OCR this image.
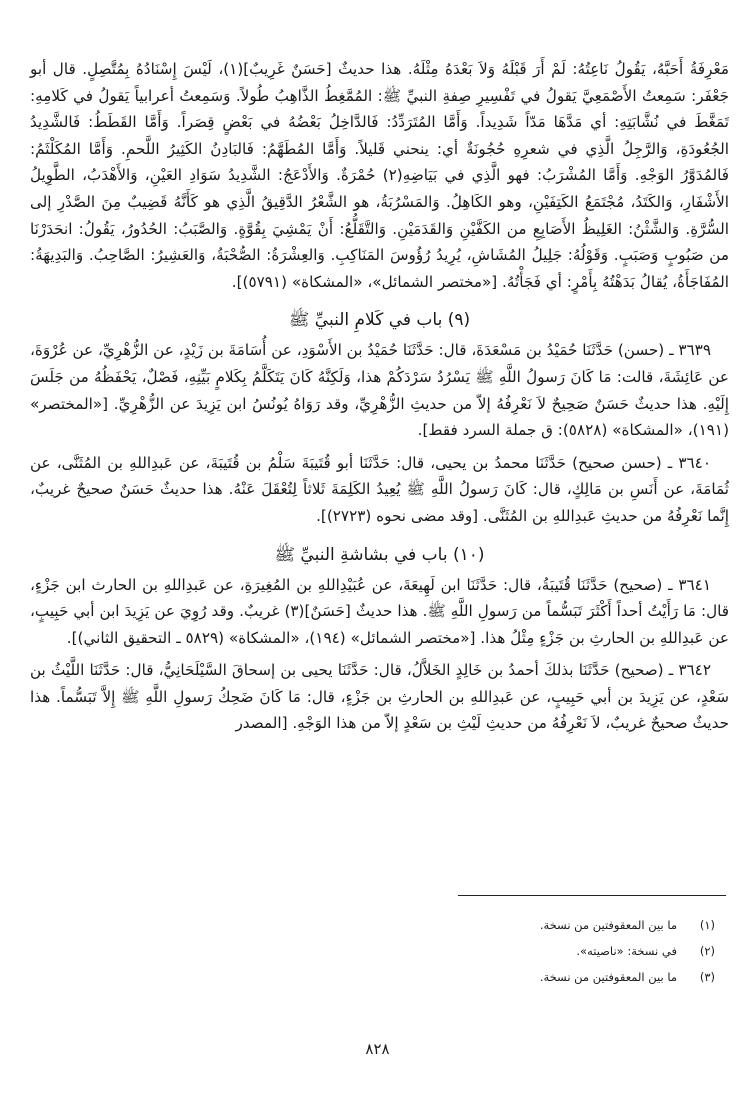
مَعْرِفَةُ أَحَبَّهُ، يَقُولُ نَاعِتُهُ: لَمْ أَرَ قَبْلَهُ وَلاَ بَعْدَهُ مِثْلَهُ. هذا حديثٌ [حَسَنٌ غَرِيبٌ](١)، لَيْسَ إِسْنَادُهُ بِمُتَّصِلٍ. قال أبو جَعْفَر: سَمِعتُ الأَصْمَعِيَّ يَقولُ في تَفْسِيرِ صِفةِ النبيِّ ﷺ: المُمَّغِطُ الذَّاهِبُ طُولاً. وَسَمِعتُ أعرابياً يَقولُ في كَلامِهِ: تَمَغَّطَ في نُشَّابَتِهِ: أي مَدَّهَا مَدّاً شَدِيداً. وَأَمَّا المُتَرَدِّدُ: فَالدَّاخِلُ بَعْضُهُ في بَعْضٍ قِصَراً. وَأَمَّا القَطَطُ: فَالشَّدِيدُ الجُعُودَةِ، وَالرَّجِلُ الَّذِي في شعرِهِ حُجُونَةٌ أي: ينحني قَليلاً. وَأَمَّا المُطَهَّمُ: فَالبَادِنُ الكَثِيرُ اللَّحمِ. وَأَمَّا المُكَلْثَمُ: فَالمُدَوَّرُ الوَجْهِ. وَأَمَّا المُشْرَبُ: فهو الَّذِي في بَيَاضِهِ(٢) حُمْرَةٌ. وَالأَدْعَجُ: الشَّدِيدُ سَوَادِ العَيْنِ، وَالأَهْدَبُ، الطَّوِيلُ الأَشْفَارِ، وَالكَتَدُ، مُجْتَمَعُ الكَتِفَيْنِ، وهو الكَاهِلُ. وَالمَسْرُبَةُ، هو الشَّعْرُ الدَّقِيقُ الَّذِي هو كَأَنَّهُ قَضِيبٌ مِنَ الصَّدْرِ إلى السُّرَّةِ. وَالشَّثْنُ: الغَلِيظُ الأَصَابِعِ من الكَفَّيْنِ وَالقَدَمَيْنِ. وَالتَّقَلُّعُ: أَنْ يَمْشِيَ بِقُوَّةٍ. وَالصَّبَبُ: الحُدُورُ، يَقُولُ: انحَدَرْنَا من صَبُوبٍ وَصَبَبٍ. وَقَوْلُهُ: جَلِيلُ المُشَاشِ، يُرِيدُ رُؤُوسَ المَنَاكِبِ. وَالعِشْرَةُ: الصُّحْبَةُ، وَالعَشِيرُ: الصَّاحِبُ. وَالبَدِيهَةُ: المُفَاجَأَةُ، يُقالُ بَدَهْتُهُ بِأَمْرٍ: أي فَجَأْتُهُ. [«مختصر الشمائل»، «المشكاة» (٥٧٩١)].

(٩) باب في كَلامِ النبيِّ ﷺ

٣٦٣٩ ـ (حسن) حَدَّثَنَا حُمَيْدُ بن مَسْعَدَةَ، قال: حَدَّثَنَا حُمَيْدُ بن الأَسْوَدِ، عن أُسَامَةَ بن زَيْدٍ، عن الزُّهْرِيِّ، عن عُرْوَةَ، عن عَائِشَةَ، قالت: مَا كَانَ رَسولُ اللَّهِ ﷺ يَسْرُدُ سَرْدَكُمْ هذا، وَلَكِنَّهُ كَانَ يَتَكَلَّمُ بِكَلامٍ بَيِّنِهِ، فَصْلٌ، يَحْفَظُهُ من جَلَسَ إِلَيْهِ. هذا حديثٌ حَسَنٌ صَحِيحٌ لاَ نَعْرِفُهُ إلاّ من حديثِ الزُّهْرِيِّ، وقد رَوَاهُ يُونُسُ ابن يَزِيدَ عن الزُّهْرِيِّ. [«المختصر» (١٩١)، «المشكاة» (٥٨٢٨): ق جملة السرد فقط].

٣٦٤٠ ـ (حسن صحيح) حَدَّثَنَا محمدُ بن يحيى، قال: حَدَّثَنَا أبو قُتَيبَةَ سَلْمُ بن قُتَيبَةَ، عن عَبدِاللهِ بن المُثَنَّى، عن ثُمَامَةَ، عن أَنَسِ بن مَالِكٍ، قال: كَانَ رَسولُ اللَّهِ ﷺ يُعِيدُ الكَلِمَةَ ثَلاثاً لِتُعْقَلَ عَنْهُ. هذا حديثٌ حَسَنٌ صحيحٌ غريبٌ، إِنَّما نَعْرِفُهُ من حديثِ عَبدِاللهِ بن المُثَنَّى. [وقد مضى نحوه (٢٧٢٣)].

(١٠) باب في بشاشةِ النبيِّ ﷺ

٣٦٤١ ـ (صحيح) حَدَّثَنَا قُتَيبَةُ، قال: حَدَّثَنَا ابن لَهِيعَةَ، عن عُبَيْدِاللهِ بن المُغِيرَةِ، عن عَبدِاللهِ بن الحارث ابن جَزْءٍ، قال: مَا رَأَيْتُ أحداً أَكْثَرَ تَبَسُّماً من رَسولِ اللَّهِ ﷺ. هذا حديثٌ [حَسَنٌ](٣) غريبٌ. وقد رُوِيَ عن يَزِيدَ ابن أبي حَبِيبٍ، عن عَبدِاللهِ بن الحارثِ بن جَزْءٍ مِثْلُ هذا. [«مختصر الشمائل» (١٩٤)، «المشكاة» (٥٨٢٩ ـ التحقيق الثاني)].

٣٦٤٢ ـ (صحيح) حَدَّثَنَا بذلكَ أحمدُ بن خَالِدٍ الخَلاَّلُ، قال: حَدَّثَنَا يحيى بن إسحاقَ السَّيْلَحَانِيُّ، قال: حَدَّثَنَا اللَّيْثُ بن سَعْدٍ، عن يَزِيدَ بن أبي حَبِيبٍ، عن عَبدِاللهِ بن الحارثِ بن جَزْءٍ، قال: مَا كَانَ ضَحِكُ رَسولِ اللَّهِ ﷺ إِلاَّ تَبَسُّماً. هذا حديثٌ صحيحٌ غريبٌ، لاَ نَعْرِفُهُ من حديثِ لَيْثِ بن سَعْدٍ إلاّ من هذا الوَجْهِ. [المصدر

(١)ما بين المعقوفتين من نسخة.
(٢)في نسخة: «ناصيته».
(٣)ما بين المعقوفتين من نسخة.
٨٢٨
